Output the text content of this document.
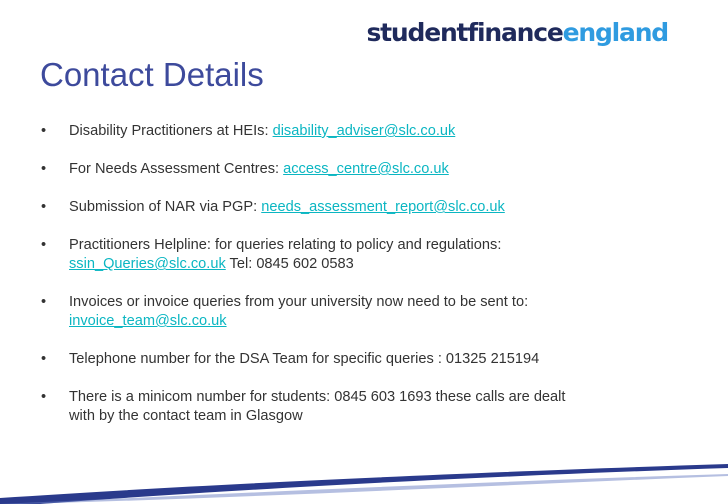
studentfinanceengland
Contact Details
• Disability Practitioners at HEIs: disability_adviser@slc.co.uk
• For Needs Assessment Centres: access_centre@slc.co.uk
• Submission of NAR via PGP: needs_assessment_report@slc.co.uk
• Practitioners Helpline: for queries relating to policy and regulations:
ssin_Queries@slc.co.uk Tel: 0845 602 0583
• Invoices or invoice queries from your university now need to be sent to:
invoice_team@slc.co.uk
• Telephone number for the DSA Team for specific queries : 01325 215194
• There is a minicom number for students: 0845 603 1693 these calls are dealt with by the contact team in Glasgow
